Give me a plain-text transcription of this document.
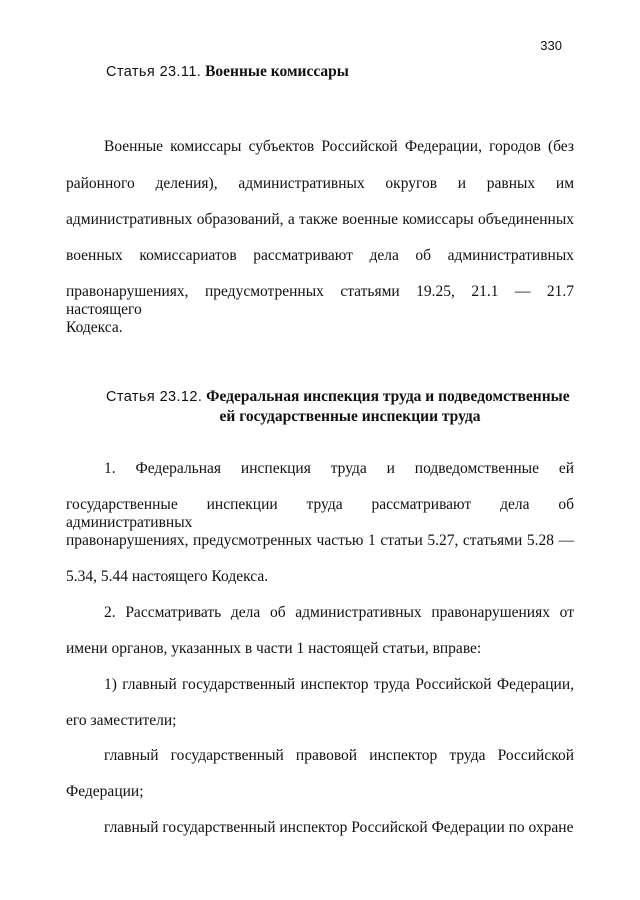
330
Статья 23.11. Военные комиссары
Военные комиссары субъектов Российской Федерации, городов (без
районного деления), административных округов и равных им
административных образований, а также военные комиссары объединенных
военных комиссариатов рассматривают дела об административных
правонарушениях, предусмотренных статьями 19.25, 21.1 — 21.7 настоящего
Кодекса.
Статья 23.12. Федеральная инспекция труда и подведомственные
ей государственные инспекции труда
1. Федеральная инспекция труда и подведомственные ей
государственные инспекции труда рассматривают дела об административных
правонарушениях, предусмотренных частью 1 статьи 5.27, статьями 5.28 —
5.34, 5.44 настоящего Кодекса.
2. Рассматривать дела об административных правонарушениях от
имени органов, указанных в части 1 настоящей статьи, вправе:
1) главный государственный инспектор труда Российской Федерации,
его заместители;
главный государственный правовой инспектор труда Российской
Федерации;
главный государственный инспектор Российской Федерации по охране
